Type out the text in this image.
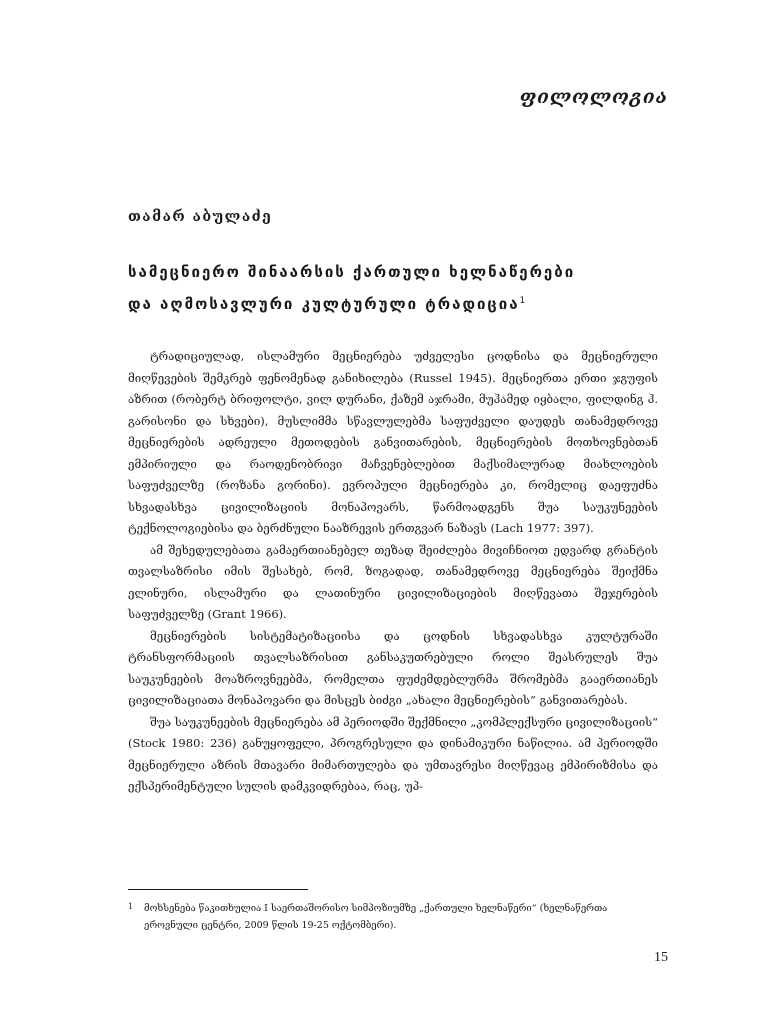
ფილოლოგია
თამარ აბულაძე
სამეცნიერო შინაარსის ქართული ხელნაწერები
და აღმოსავლური კულტურული ტრადიცია$^1$

ტრადიციულად, ისლამური მეცნიერება უძველესი ცოდნისა და მეცნიერული მიღწევების შემკრებ ფენომენად განიხილება (Russel 1945). მეცნიერთა ერთი ჯგუფის აზრით (რობერტ ბრიფოლტი, ვილ დურანი, ქაზემ აჯრამი, მუჰამედ იყბალი, ფილდინგ ჰ. გარისონი და სხვები), მუსლიმმა სწავლულებმა საფუძველი დაუდეს თანამედროვე მეცნიერების ადრეული მეთოდების განვითარების, მეცნიერების მოთხოვნებთან ემპირიული და რაოდენობრივი მაჩვენებლებით მაქსიმალურად მიახლოების საფუძველზე (როზანა გორინი). ევროპული მეცნიერება კი, რომელიც დაეფუძნა სხვადასხვა ცივილიზაციის მონაპოვარს, წარმოადგენს შუა საუკუნეების ტექნოლოგიებისა და ბერძნული ნააზრევის ერთგვარ ნაზავს (Lach 1977: 397).

ამ შეხედულებათა გამაერთიანებელ თეზად შეიძლება მივიჩნიოთ ედვარდ გრანტის თვალსაზრისი იმის შესახებ, რომ, ზოგადად, თანამედროვე მეცნიერება შეიქმნა ელინური, ისლამური და ლათინური ცივილიზაციების მიღწევათა შეჯერების საფუძველზე (Grant 1966).

მეცნიერების სისტემატიზაციისა და ცოდნის სხვადასხვა კულტურაში ტრანსფორმაციის თვალსაზრისით განსაკუთრებული როლი შეასრულეს შუა საუკუნეების მოაზროვნეებმა, რომელთა ფუძემდებლურმა შრომებმა გააერთიანეს ცივილიზაციათა მონაპოვარი და მისცეს ბიძგი „ახალი მეცნიერების“ განვითარებას.

შუა საუკუნეების მეცნიერება ამ პერიოდში შექმნილი „კომპლექსური ცივილიზაციის“ (Stock 1980: 236) განუყოფელი, პროგრესული და დინამიკური ნაწილია. ამ პერიოდში მეცნიერული აზრის მთავარი მიმართულება და უმთავრესი მიღწევაც ემპირიზმისა და ექსპერიმენტული სულის დამკვიდრებაა, რაც, უპ-

1	მოხსენება წაკითხულია I საერთაშორისო სიმპოზიუმზე „ქართული ხელნაწერი“ (ხელნაწერთა ეროვნული ცენტრი, 2009 წლის 19-25 ოქტომბერი).
15
